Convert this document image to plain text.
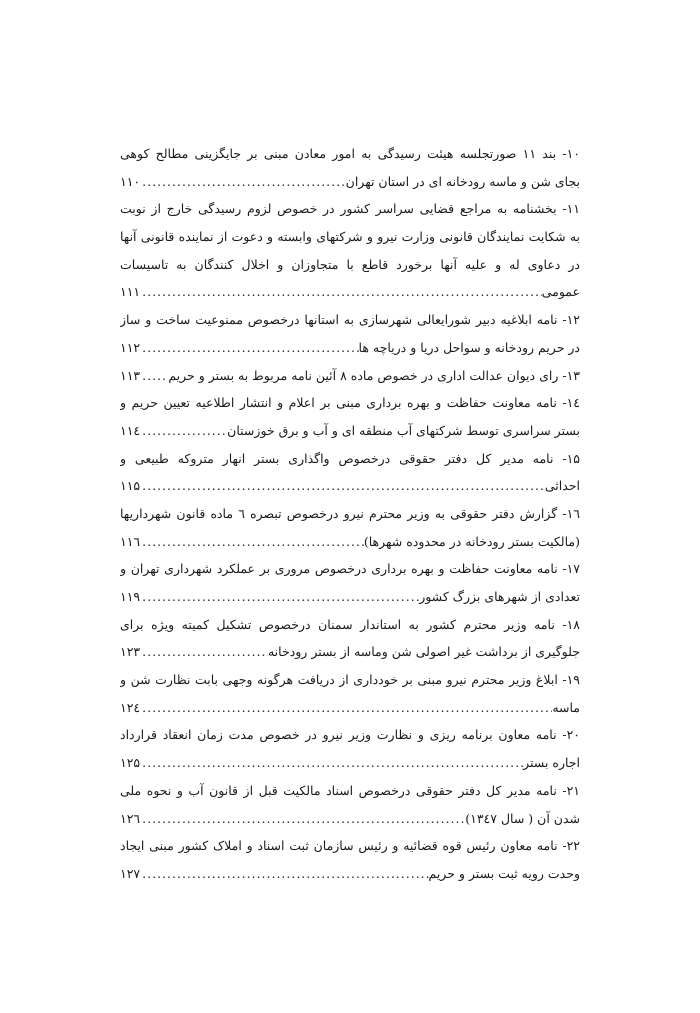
۱۰- بند ۱۱ صورتجلسه هیئت رسیدگی به امور معادن مبنی بر جایگزینی مطالح کوهی
بجای شن و ماسه رودخانه ای در استان تهران
.....
۱۱۰
۱۱- بخشنامه به مراجع قضایی سراسر کشور در خصوص لزوم رسیدگی خارج از نوبت
به شکایت نمایندگان قانونی وزارت نیرو و شرکتهای وابسته و دعوت از نماینده قانونی آنها
در دعاوی له و علیه آنها برخورد قاطع با متجاوزان و اخلال کنندگان به تاسیسات
عمومی
.....
۱۱۱
۱۲- نامه ابلاغیه دبیر شورایعالی شهرسازی به استانها درخصوص ممنوعیت ساخت و ساز
در حریم رودخانه و سواحل دریا و دریاچه ها
.....
۱۱۲
۱۳- رای دیوان عدالت اداری در خصوص ماده ۸ آئین نامه مربوط به بستر و حریم
.....
۱۱۳
۱٤- نامه معاونت حفاظت و بهره برداری مبنی بر اعلام و انتشار اطلاعیه تعیین حریم و
بستر سراسری توسط شرکتهای آب منطقه ای و آب و برق خوزستان
.....
۱۱٤
۱۵- نامه مدیر کل دفتر حقوقی درخصوص واگذاری بستر انهار متروکه طبیعی و
احداثی
.....
۱۱۵
۱٦- گزارش دفتر حقوقی به وزیر محترم نیرو درخصوص تبصره ٦ ماده قانون شهرداریها
(مالکیت بستر رودخانه در محدوده شهرها)
.....
۱۱٦
۱۷- نامه معاونت حفاظت و بهره برداری درخصوص مروری بر عملکرد شهرداری تهران و
تعدادی از شهرهای بزرگ کشور
.....
۱۱۹
۱۸- نامه وزیر محترم کشور به استاندار سمنان درخصوص تشکیل کمیته ویژه برای
جلوگیری از برداشت غیر اصولی شن وماسه از بستر رودخانه
.....
۱۲۳
۱۹- ابلاغ وزیر محترم نیرو مبنی بر خودداری از دریافت هرگونه وجهی بابت نظارت شن و
ماسه
.....
۱۲٤
۲۰- نامه معاون برنامه ریزی و نظارت وزیر نیرو در خصوص مدت زمان انعقاد قرارداد
اجاره بستر
.....
۱۲۵
۲۱- نامه مدیر کل دفتر حقوقی درخصوص اسناد مالکیت قبل از قانون آب و نحوه ملی
شدن آن ( سال ۱۳٤۷)
.....
۱۲٦
۲۲- نامه معاون رئیس قوه قضائیه و رئیس سازمان ثبت اسناد و املاک کشور مبنی ایجاد
وحدت رویه ثبت بستر و حریم
.....
۱۲۷
